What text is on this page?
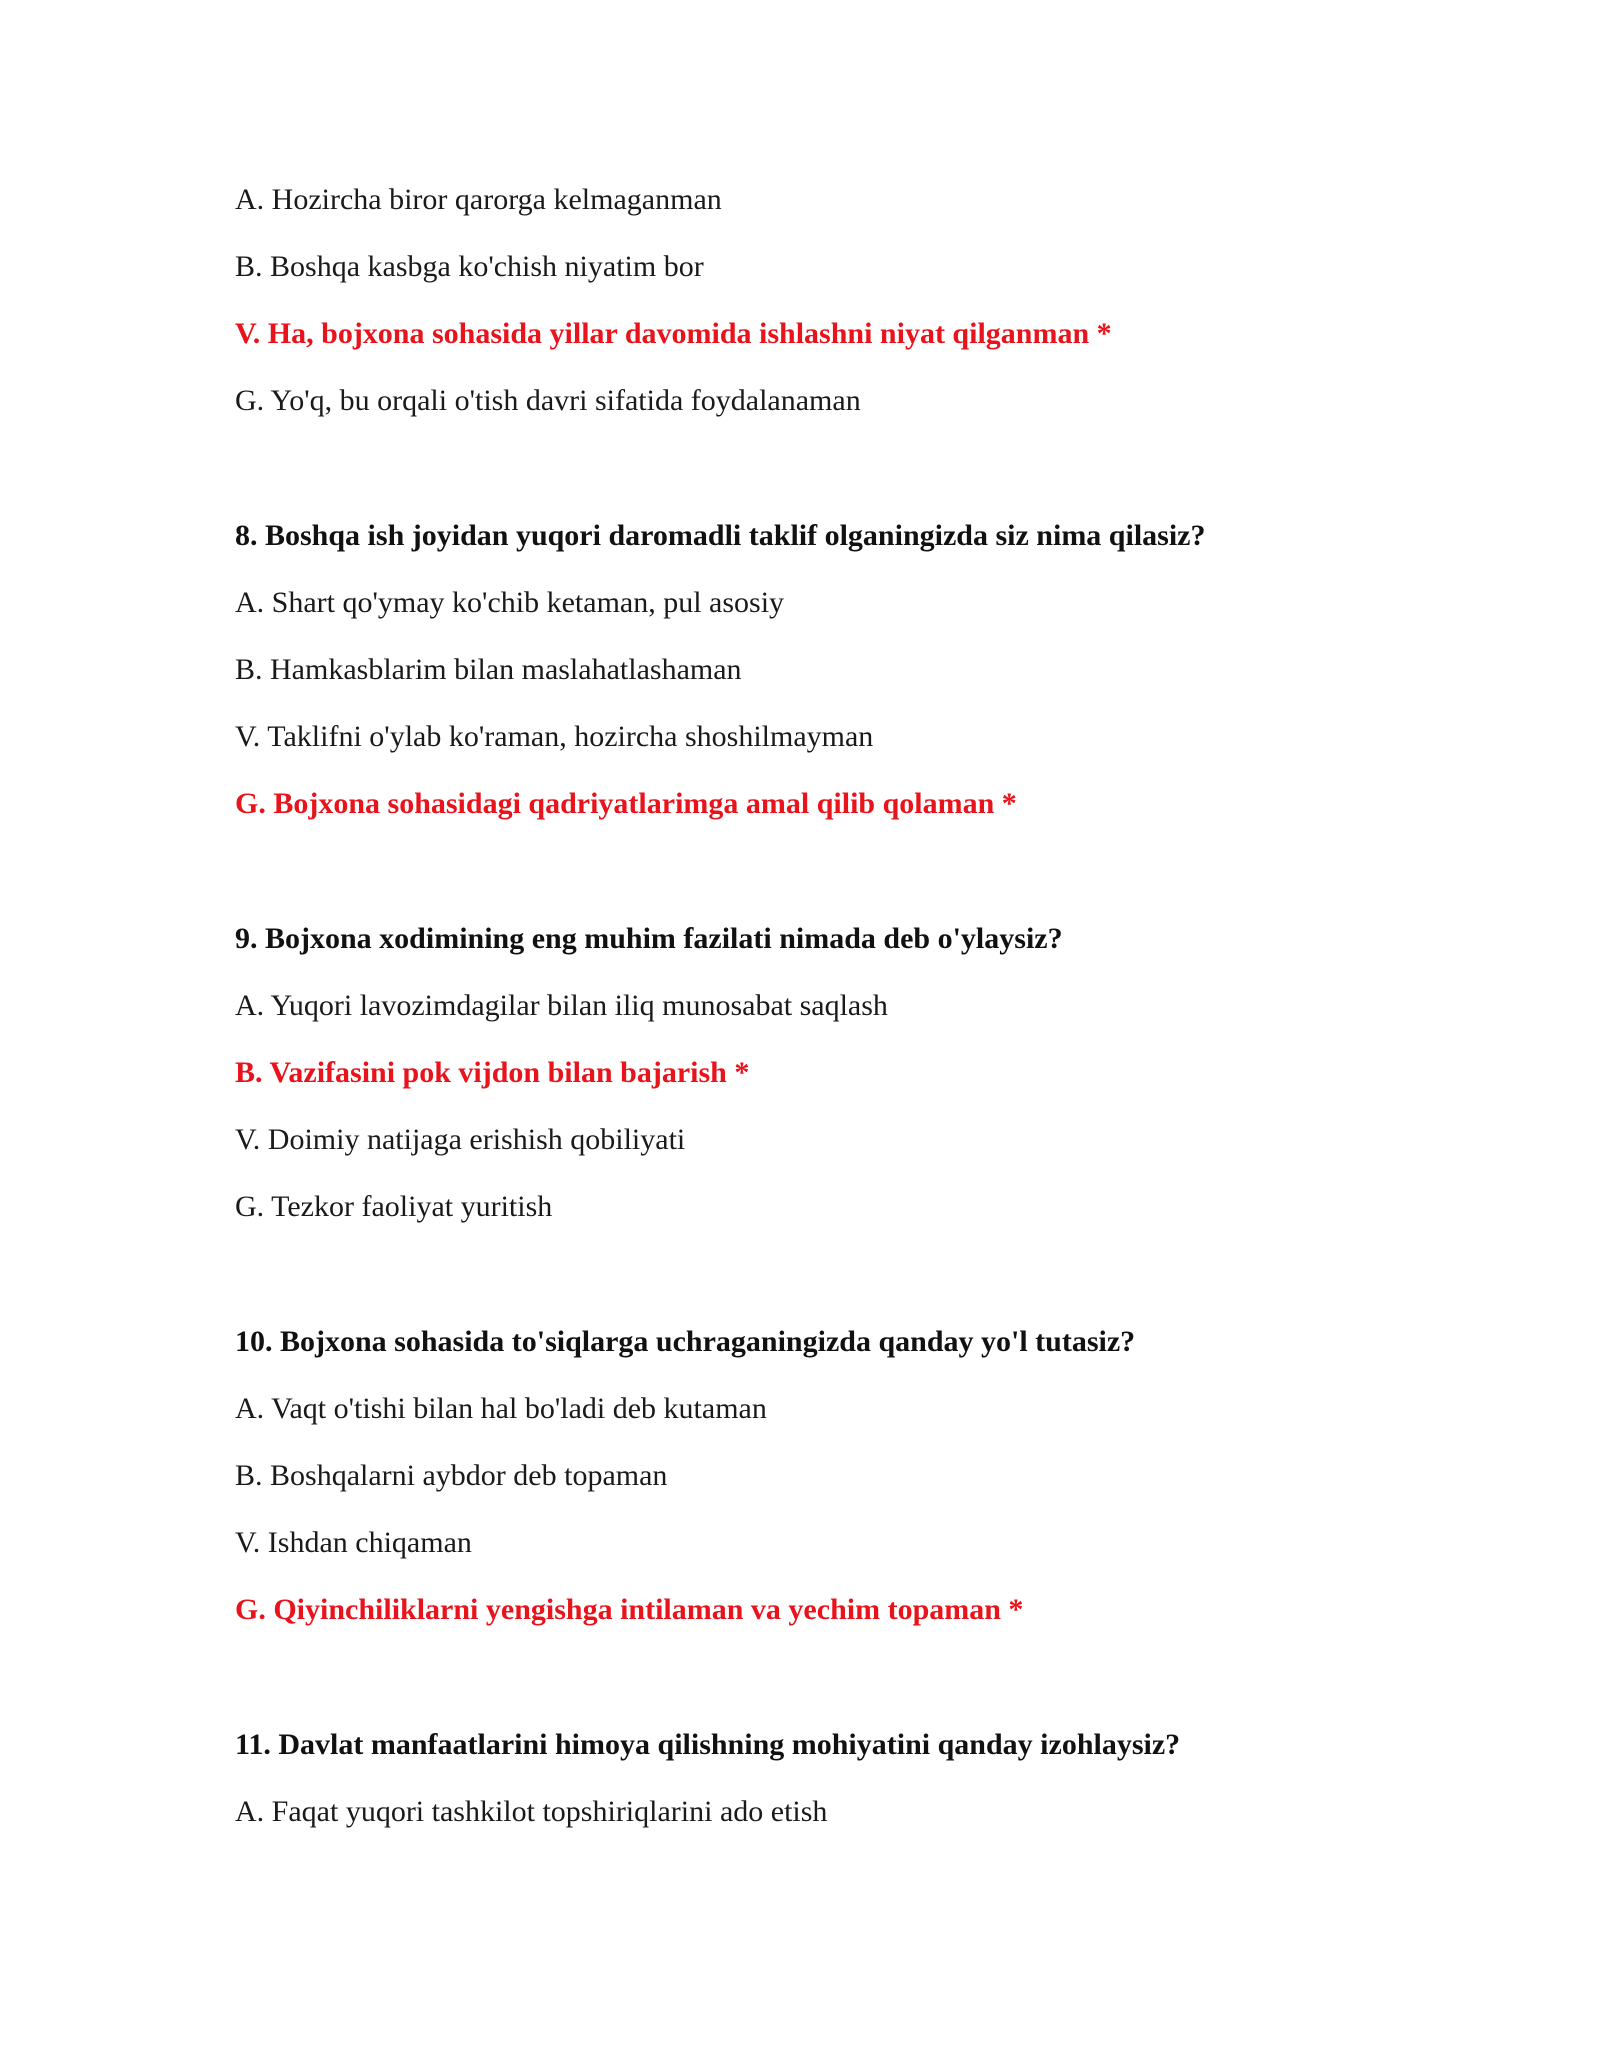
A. Hozircha biror qarorga kelmaganman
B. Boshqa kasbga ko'chish niyatim bor
V. Ha, bojxona sohasida yillar davomida ishlashni niyat qilganman *
G. Yo'q, bu orqali o'tish davri sifatida foydalanaman
8. Boshqa ish joyidan yuqori daromadli taklif olganingizda siz nima qilasiz?
A. Shart qo'ymay ko'chib ketaman, pul asosiy
B. Hamkasblarim bilan maslahatlashaman
V. Taklifni o'ylab ko'raman, hozircha shoshilmayman
G. Bojxona sohasidagi qadriyatlarimga amal qilib qolaman *
9. Bojxona xodimining eng muhim fazilati nimada deb o'ylaysiz?
A. Yuqori lavozimdagilar bilan iliq munosabat saqlash
B. Vazifasini pok vijdon bilan bajarish *
V. Doimiy natijaga erishish qobiliyati
G. Tezkor faoliyat yuritish
10. Bojxona sohasida to'siqlarga uchraganingizda qanday yo'l tutasiz?
A. Vaqt o'tishi bilan hal bo'ladi deb kutaman
B. Boshqalarni aybdor deb topaman
V. Ishdan chiqaman
G. Qiyinchiliklarni yengishga intilaman va yechim topaman *
11. Davlat manfaatlarini himoya qilishning mohiyatini qanday izohlaysiz?
A. Faqat yuqori tashkilot topshiriqlarini ado etish
